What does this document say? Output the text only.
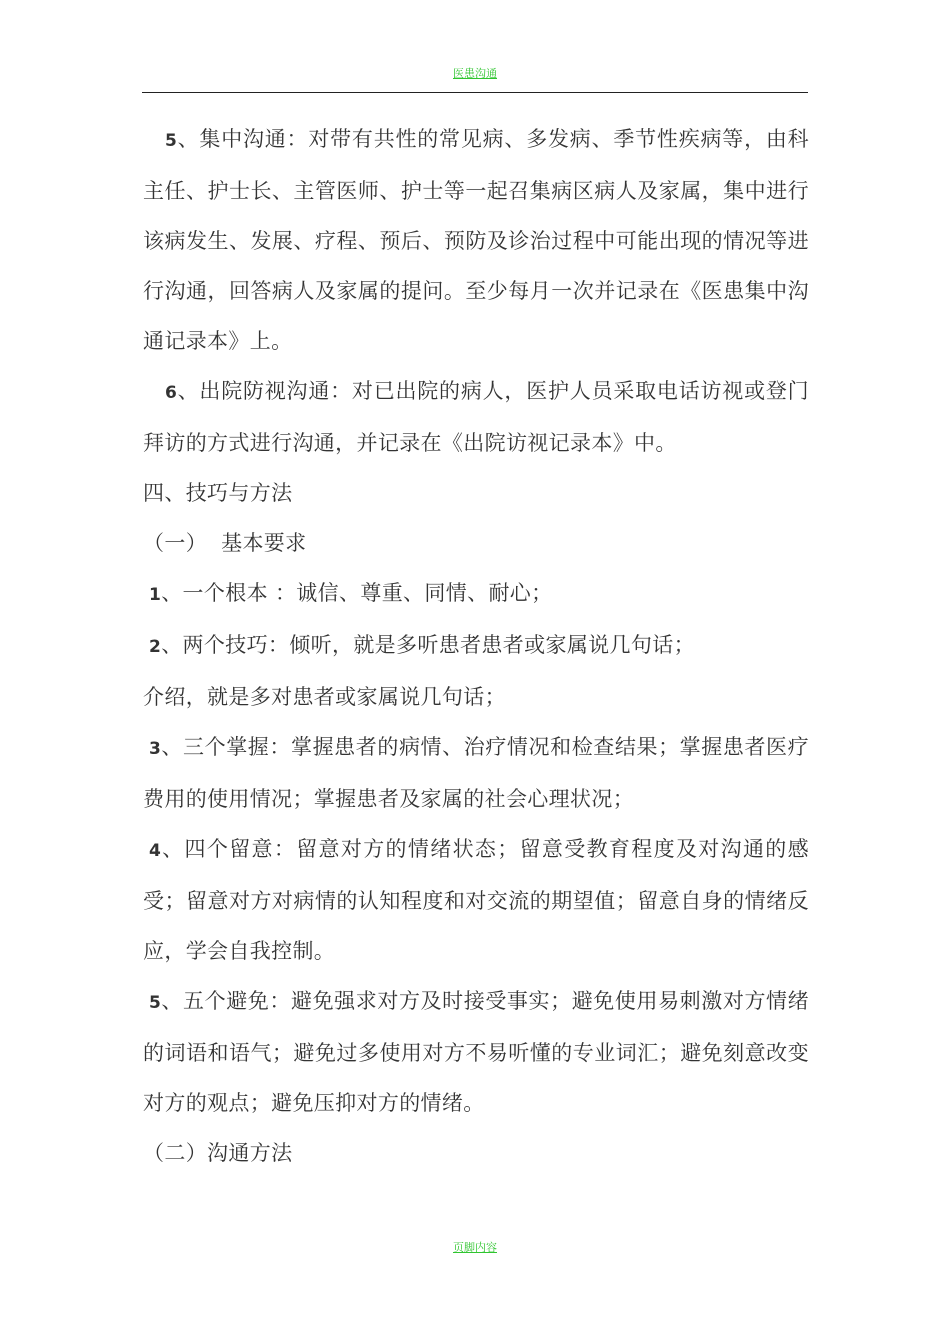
医患沟通

5、集中沟通：对带有共性的常见病、多发病、季节性疾病等，由科主任、护士长、主管医师、护士等一起召集病区病人及家属，集中进行该病发生、发展、疗程、预后、预防及诊治过程中可能出现的情况等进行沟通，回答病人及家属的提问。至少每月一次并记录在《医患集中沟通记录本》上。

6、出院防视沟通：对已出院的病人，医护人员采取电话访视或登门拜访的方式进行沟通，并记录在《出院访视记录本》中。

四、技巧与方法

（一）  基本要求

1、一个根本 ：诚信、尊重、同情、耐心；

2、两个技巧：倾听，就是多听患者患者或家属说几句话；

介绍，就是多对患者或家属说几句话；

3、三个掌握：掌握患者的病情、治疗情况和检查结果；掌握患者医疗费用的使用情况；掌握患者及家属的社会心理状况；

4、四个留意：留意对方的情绪状态；留意受教育程度及对沟通的感受；留意对方对病情的认知程度和对交流的期望值；留意自身的情绪反应，学会自我控制。

5、五个避免：避免强求对方及时接受事实；避免使用易刺激对方情绪的词语和语气；避免过多使用对方不易听懂的专业词汇；避免刻意改变对方的观点；避免压抑对方的情绪。

（二）沟通方法

页脚内容
